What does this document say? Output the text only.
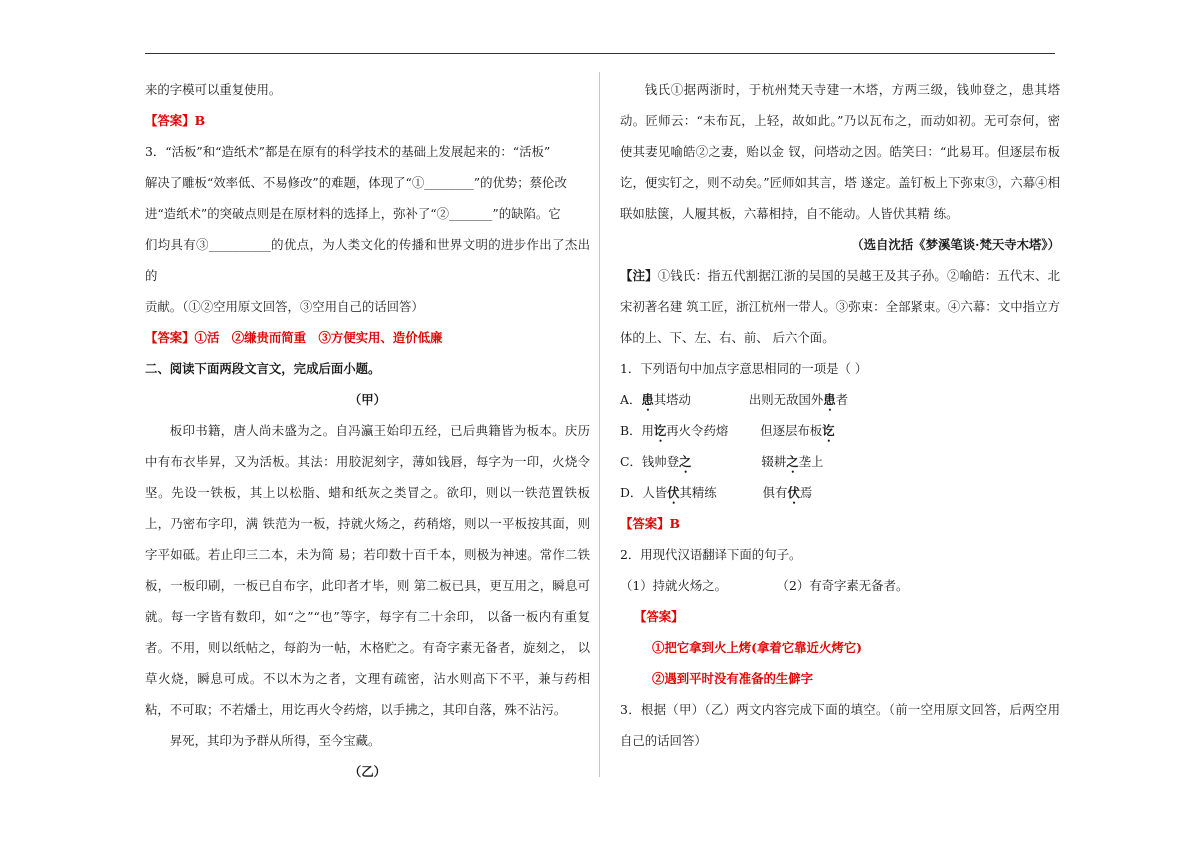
来的字模可以重复使用。

【答案】B

3．“活板”和“造纸术”都是在原有的科学技术的基础上发展起来的：“活板”

解决了雕板“效率低、不易修改”的难题，体现了“①________”的优势；蔡伦改

进“造纸术”的突破点则是在原材料的选择上，弥补了“②_______”的缺陷。它

们均具有③__________的优点，为人类文化的传播和世界文明的进步作出了杰出的

贡献。（①②空用原文回答，③空用自己的话回答）

【答案】①活　②缣贵而简重　③方便实用、造价低廉

二、阅读下面两段文言文，完成后面小题。

（甲）

板印书籍，唐人尚未盛为之。自冯瀛王始印五经，已后典籍皆为板本。庆历中有布衣毕昇，又为活板。其法：用胶泥刻字，薄如钱唇，每字为一印，火烧令坚。先设一铁板，其上以松脂、蜡和纸灰之类冒之。欲印，则以一铁范置铁板上，乃密布字印，满 铁范为一板，持就火炀之，药稍熔，则以一平板按其面，则字平如砥。若止印三二本，未为简 易；若印数十百千本，则极为神速。常作二铁板，一板印刷，一板已自布字，此印者才毕，则 第二板已具，更互用之，瞬息可就。每一字皆有数印，如“之”“也”等字，每字有二十余印， 以备一板内有重复者。不用，则以纸帖之，每韵为一帖，木格贮之。有奇字素无备者，旋刻之， 以草火烧，瞬息可成。不以木为之者，文理有疏密，沾水则高下不平，兼与药相粘，不可取；不若燔土，用讫再火令药熔，以手拂之，其印自落，殊不沾污。

昇死，其印为予群从所得，至今宝藏。

（乙）

钱氏①据两浙时，于杭州梵天寺建一木塔，方两三级，钱帅登之，患其塔动。匠师云：“未布瓦，上轻，故如此。”乃以瓦布之，而动如初。无可奈何，密使其妻见喻皓②之妻，贻以金 钗，问塔动之因。皓笑曰：“此易耳。但逐层布板讫，便实钉之，则不动矣。”匠师如其言，塔 遂定。盖钉板上下弥束③，六幕④相联如胠箧，人履其板，六幕相持，自不能动。人皆伏其精 练。

（选自沈括《梦溪笔谈·梵天寺木塔》）

【注】①钱氏：指五代割据江浙的吴国的吴越王及其子孙。②喻皓：五代末、北宋初著名建 筑工匠，浙江杭州一带人。③弥束：全部紧束。④六幕：文中指立方体的上、下、左、右、前、 后六个面。

1．下列语句中加点字意思相同的一项是（ ）

A．患其塔动	出则无敌国外患者

B．用讫再火令药熔	但逐层布板讫

C．钱帅登之	辍耕之垄上

D．人皆伏其精练	俱有伏焉

【答案】B

2．用现代汉语翻译下面的句子。

（1）持就火炀之。　　　　　（2）有奇字素无备者。

【答案】

①把它拿到火上烤(拿着它靠近火烤它)

②遇到平时没有准备的生僻字

3．根据（甲）（乙）两文内容完成下面的填空。（前一空用原文回答，后两空用自己的话回答）
